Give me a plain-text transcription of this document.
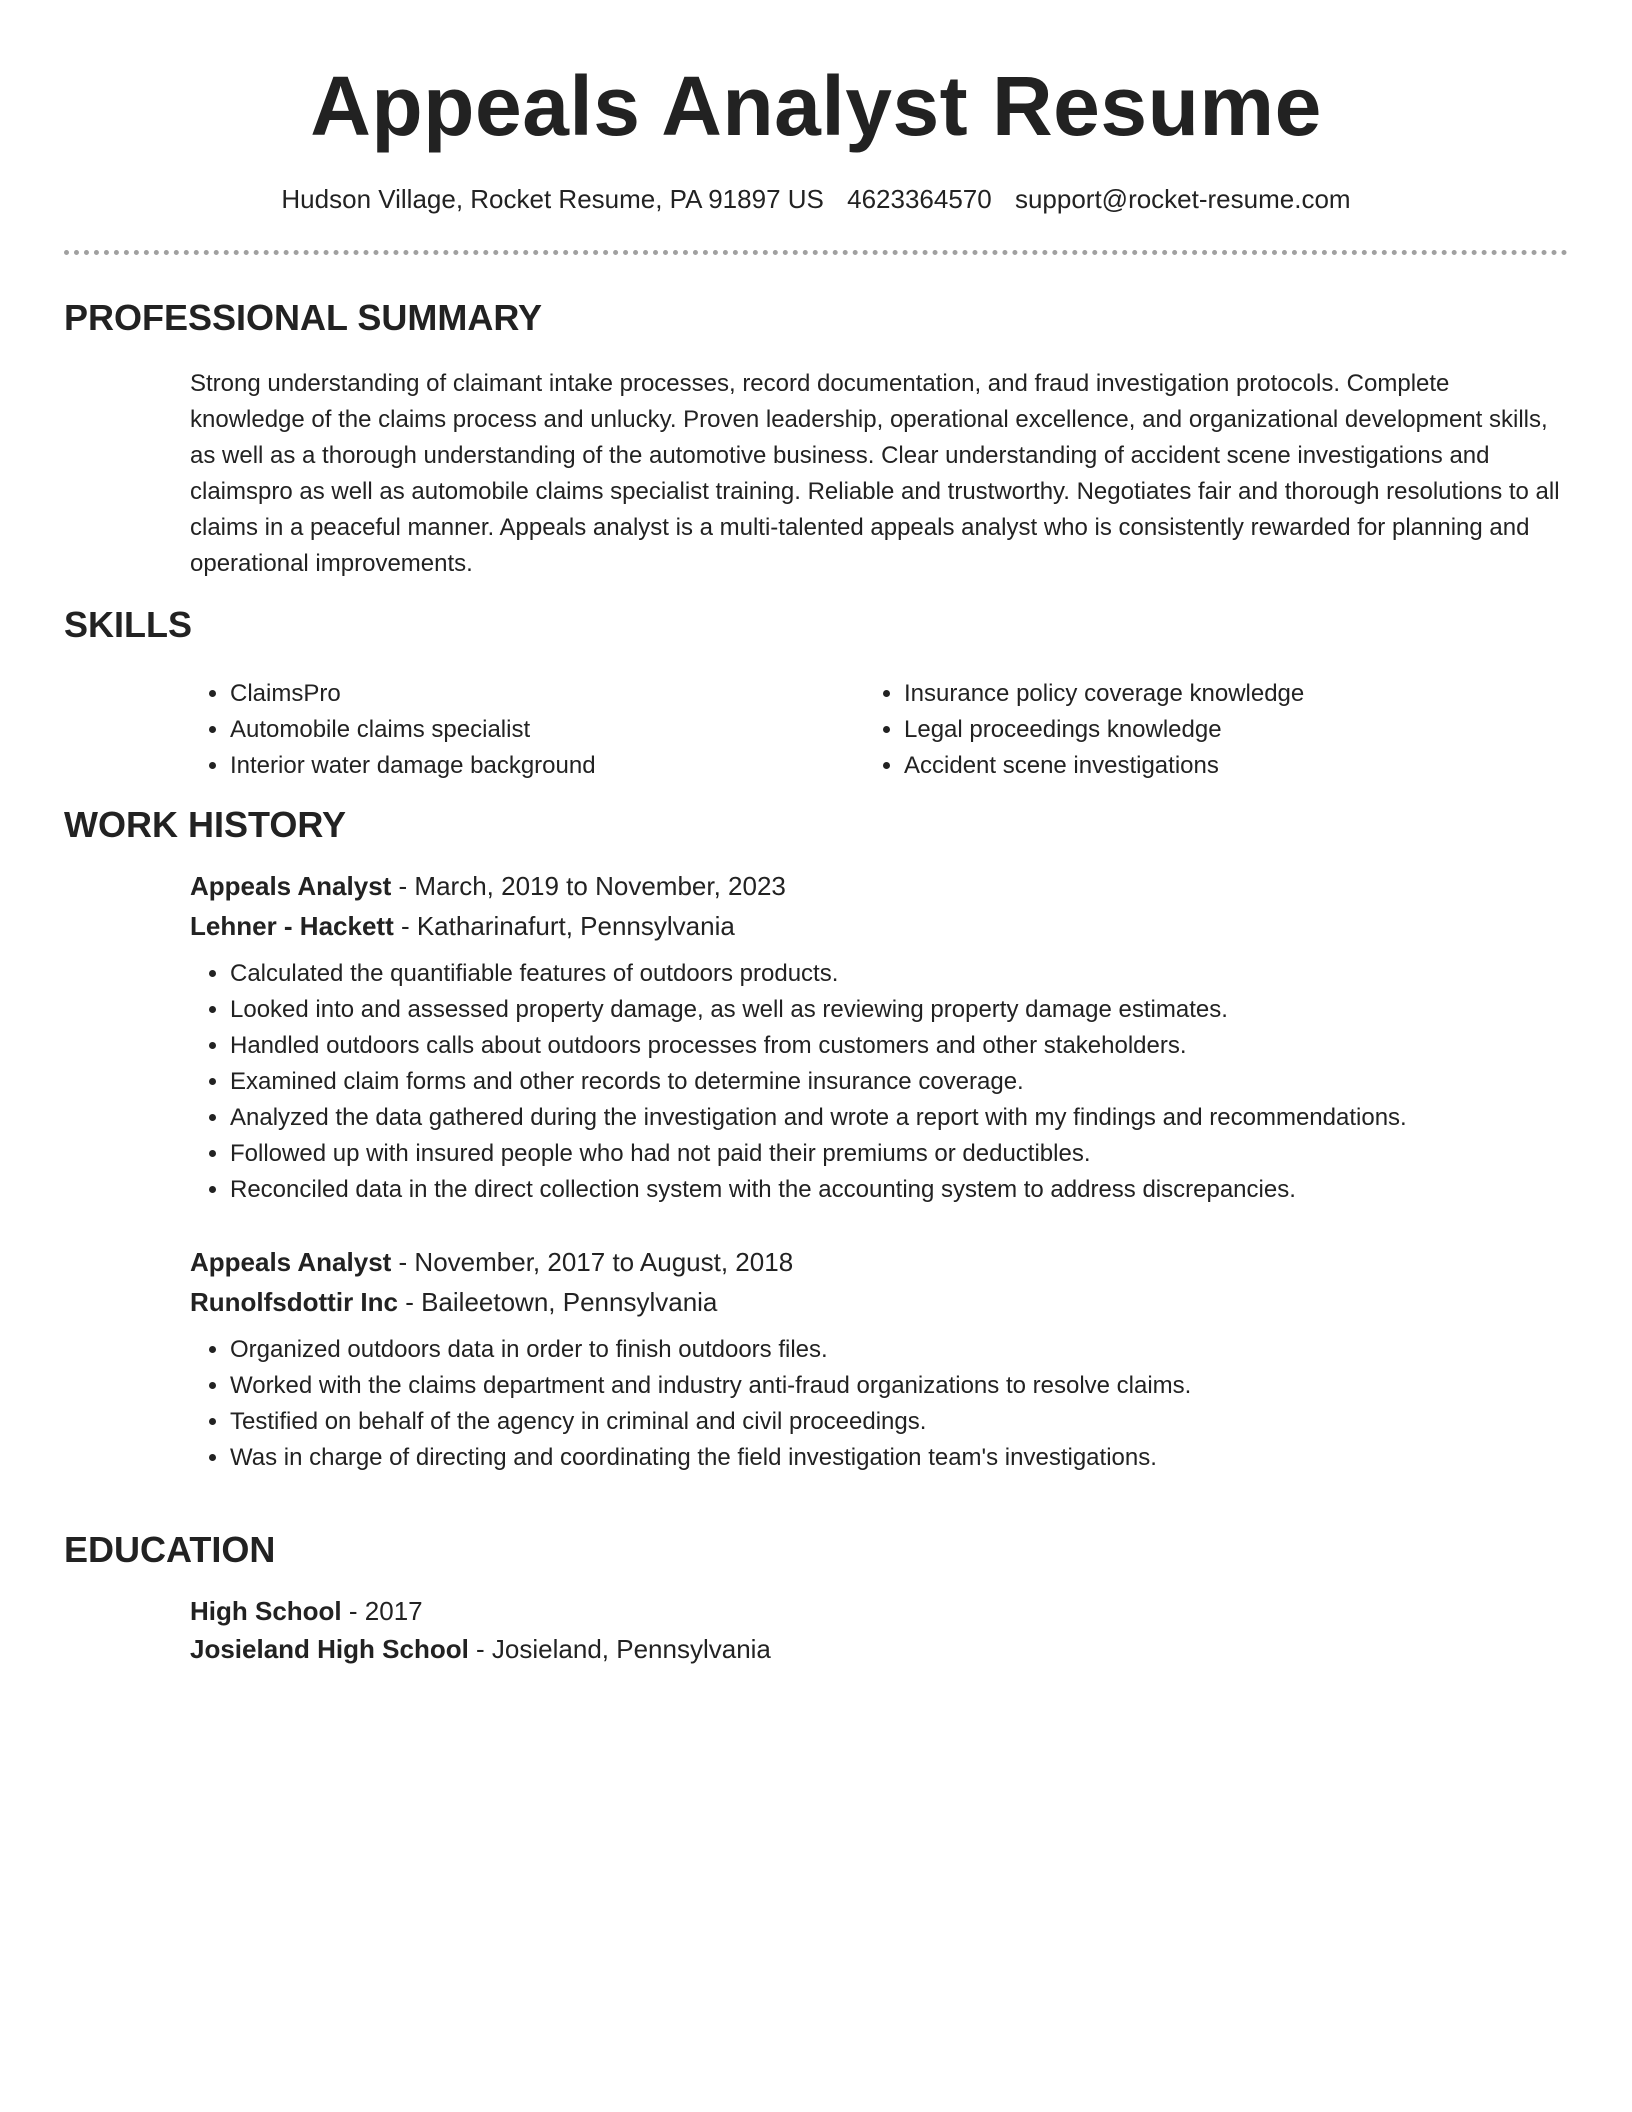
Appeals Analyst Resume
Hudson Village, Rocket Resume, PA 91897 US 4623364570 support@rocket-resume.com
PROFESSIONAL SUMMARY

Strong understanding of claimant intake processes, record documentation, and fraud investigation protocols. Complete knowledge of the claims process and unlucky. Proven leadership, operational excellence, and organizational development skills, as well as a thorough understanding of the automotive business. Clear understanding of accident scene investigations and claimspro as well as automobile claims specialist training. Reliable and trustworthy. Negotiates fair and thorough resolutions to all claims in a peaceful manner. Appeals analyst is a multi-talented appeals analyst who is consistently rewarded for planning and operational improvements.

SKILLS
• ClaimsPro
• Automobile claims specialist
• Interior water damage background
• Insurance policy coverage knowledge
• Legal proceedings knowledge
• Accident scene investigations
WORK HISTORY
Appeals Analyst - March, 2019 to November, 2023
Lehner - Hackett - Katharinafurt, Pennsylvania
• Calculated the quantifiable features of outdoors products.
• Looked into and assessed property damage, as well as reviewing property damage estimates.
• Handled outdoors calls about outdoors processes from customers and other stakeholders.
• Examined claim forms and other records to determine insurance coverage.
• Analyzed the data gathered during the investigation and wrote a report with my findings and recommendations.
• Followed up with insured people who had not paid their premiums or deductibles.
• Reconciled data in the direct collection system with the accounting system to address discrepancies.
Appeals Analyst - November, 2017 to August, 2018
Runolfsdottir Inc - Baileetown, Pennsylvania
• Organized outdoors data in order to finish outdoors files.
• Worked with the claims department and industry anti-fraud organizations to resolve claims.
• Testified on behalf of the agency in criminal and civil proceedings.
• Was in charge of directing and coordinating the field investigation team's investigations.
EDUCATION
High School - 2017
Josieland High School - Josieland, Pennsylvania
